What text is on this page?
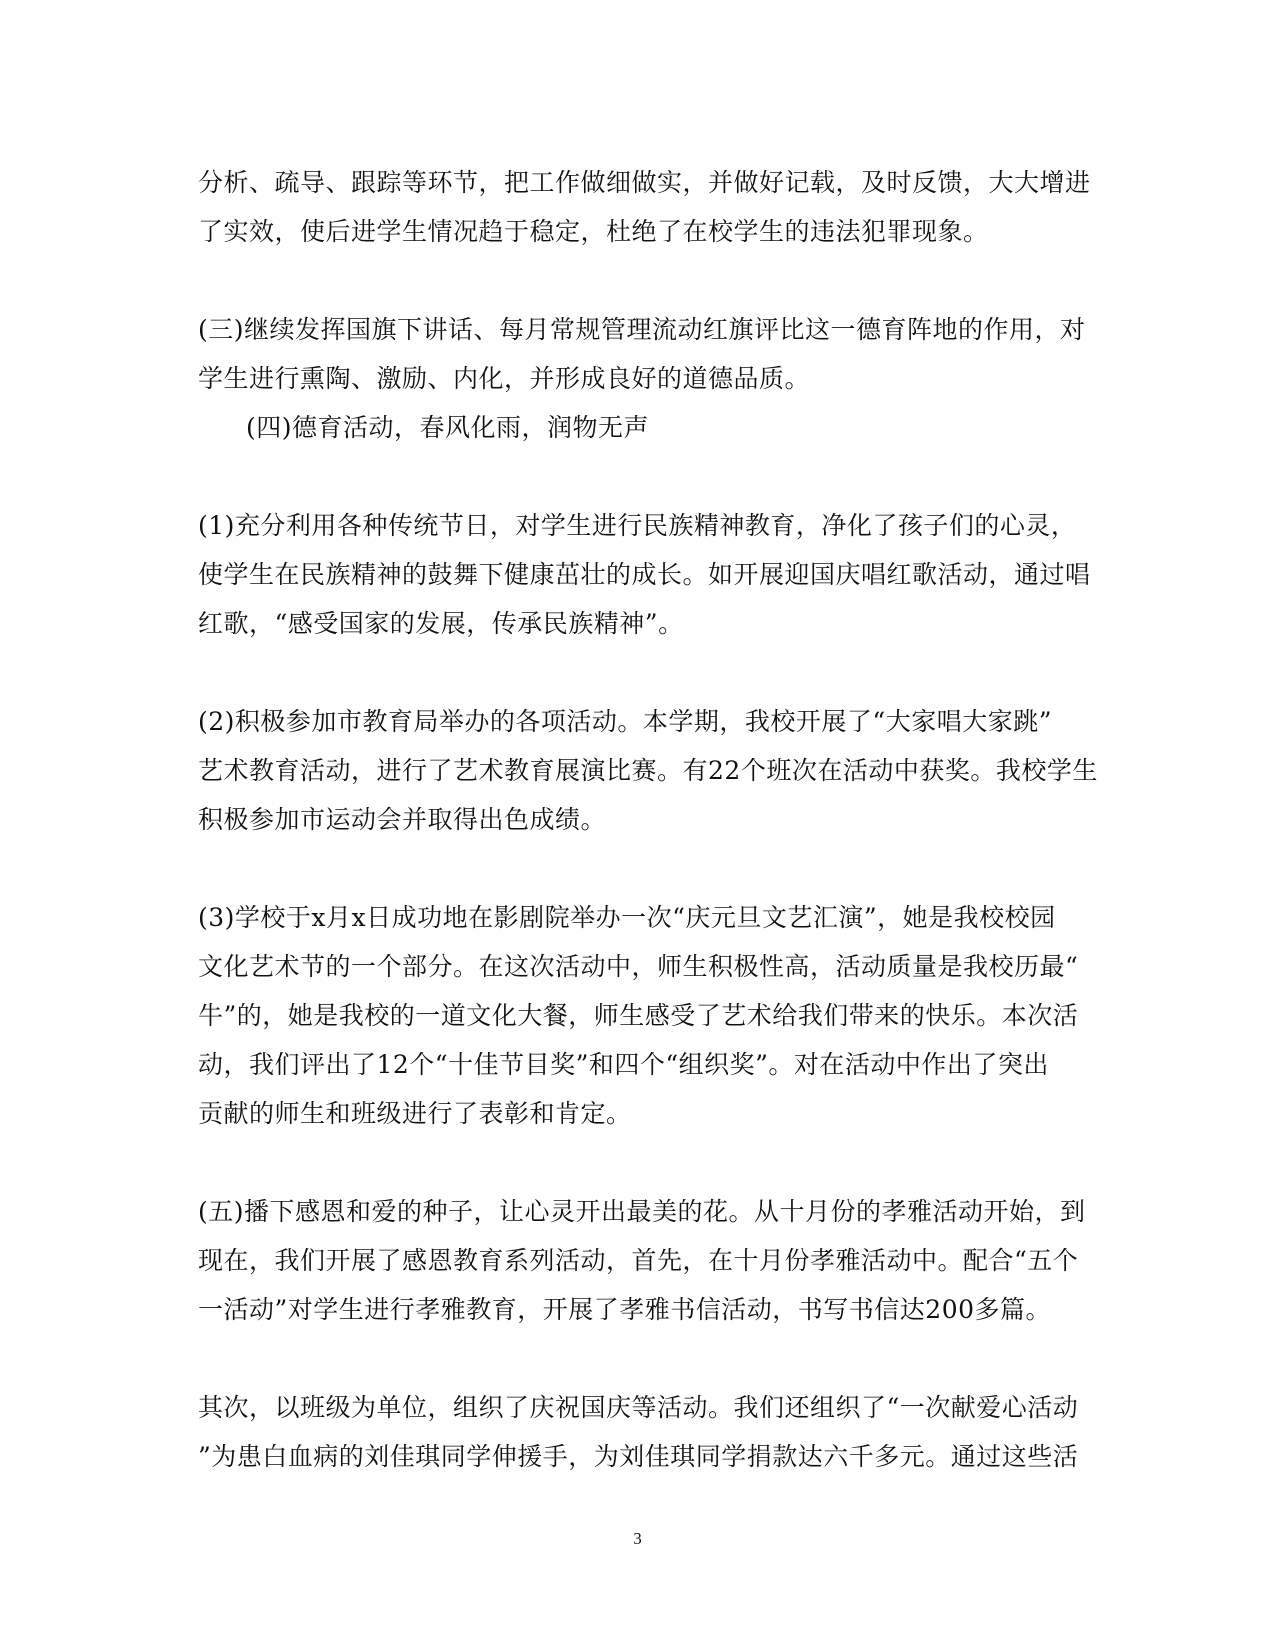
分析、疏导、跟踪等环节，把工作做细做实，并做好记载，及时反馈，大大增进
了实效，使后进学生情况趋于稳定，杜绝了在校学生的违法犯罪现象。
(三)继续发挥国旗下讲话、每月常规管理流动红旗评比这一德育阵地的作用，对
学生进行熏陶、激励、内化，并形成良好的道德品质。
(四)德育活动，春风化雨，润物无声
(1)充分利用各种传统节日，对学生进行民族精神教育，净化了孩子们的心灵，
使学生在民族精神的鼓舞下健康茁壮的成长。如开展迎国庆唱红歌活动，通过唱
红歌，“感受国家的发展，传承民族精神”。
(2)积极参加市教育局举办的各项活动。本学期，我校开展了“大家唱大家跳”
艺术教育活动，进行了艺术教育展演比赛。有22个班次在活动中获奖。我校学生
积极参加市运动会并取得出色成绩。
(3)学校于x月x日成功地在影剧院举办一次“庆元旦文艺汇演”，她是我校校园
文化艺术节的一个部分。在这次活动中，师生积极性高，活动质量是我校历最“
牛”的，她是我校的一道文化大餐，师生感受了艺术给我们带来的快乐。本次活
动，我们评出了12个“十佳节目奖”和四个“组织奖”。对在活动中作出了突出
贡献的师生和班级进行了表彰和肯定。
(五)播下感恩和爱的种子，让心灵开出最美的花。从十月份的孝雅活动开始，到
现在，我们开展了感恩教育系列活动，首先，在十月份孝雅活动中。配合“五个
一活动”对学生进行孝雅教育，开展了孝雅书信活动，书写书信达200多篇。
其次，以班级为单位，组织了庆祝国庆等活动。我们还组织了“一次献爱心活动
”为患白血病的刘佳琪同学伸援手，为刘佳琪同学捐款达六千多元。通过这些活
3
